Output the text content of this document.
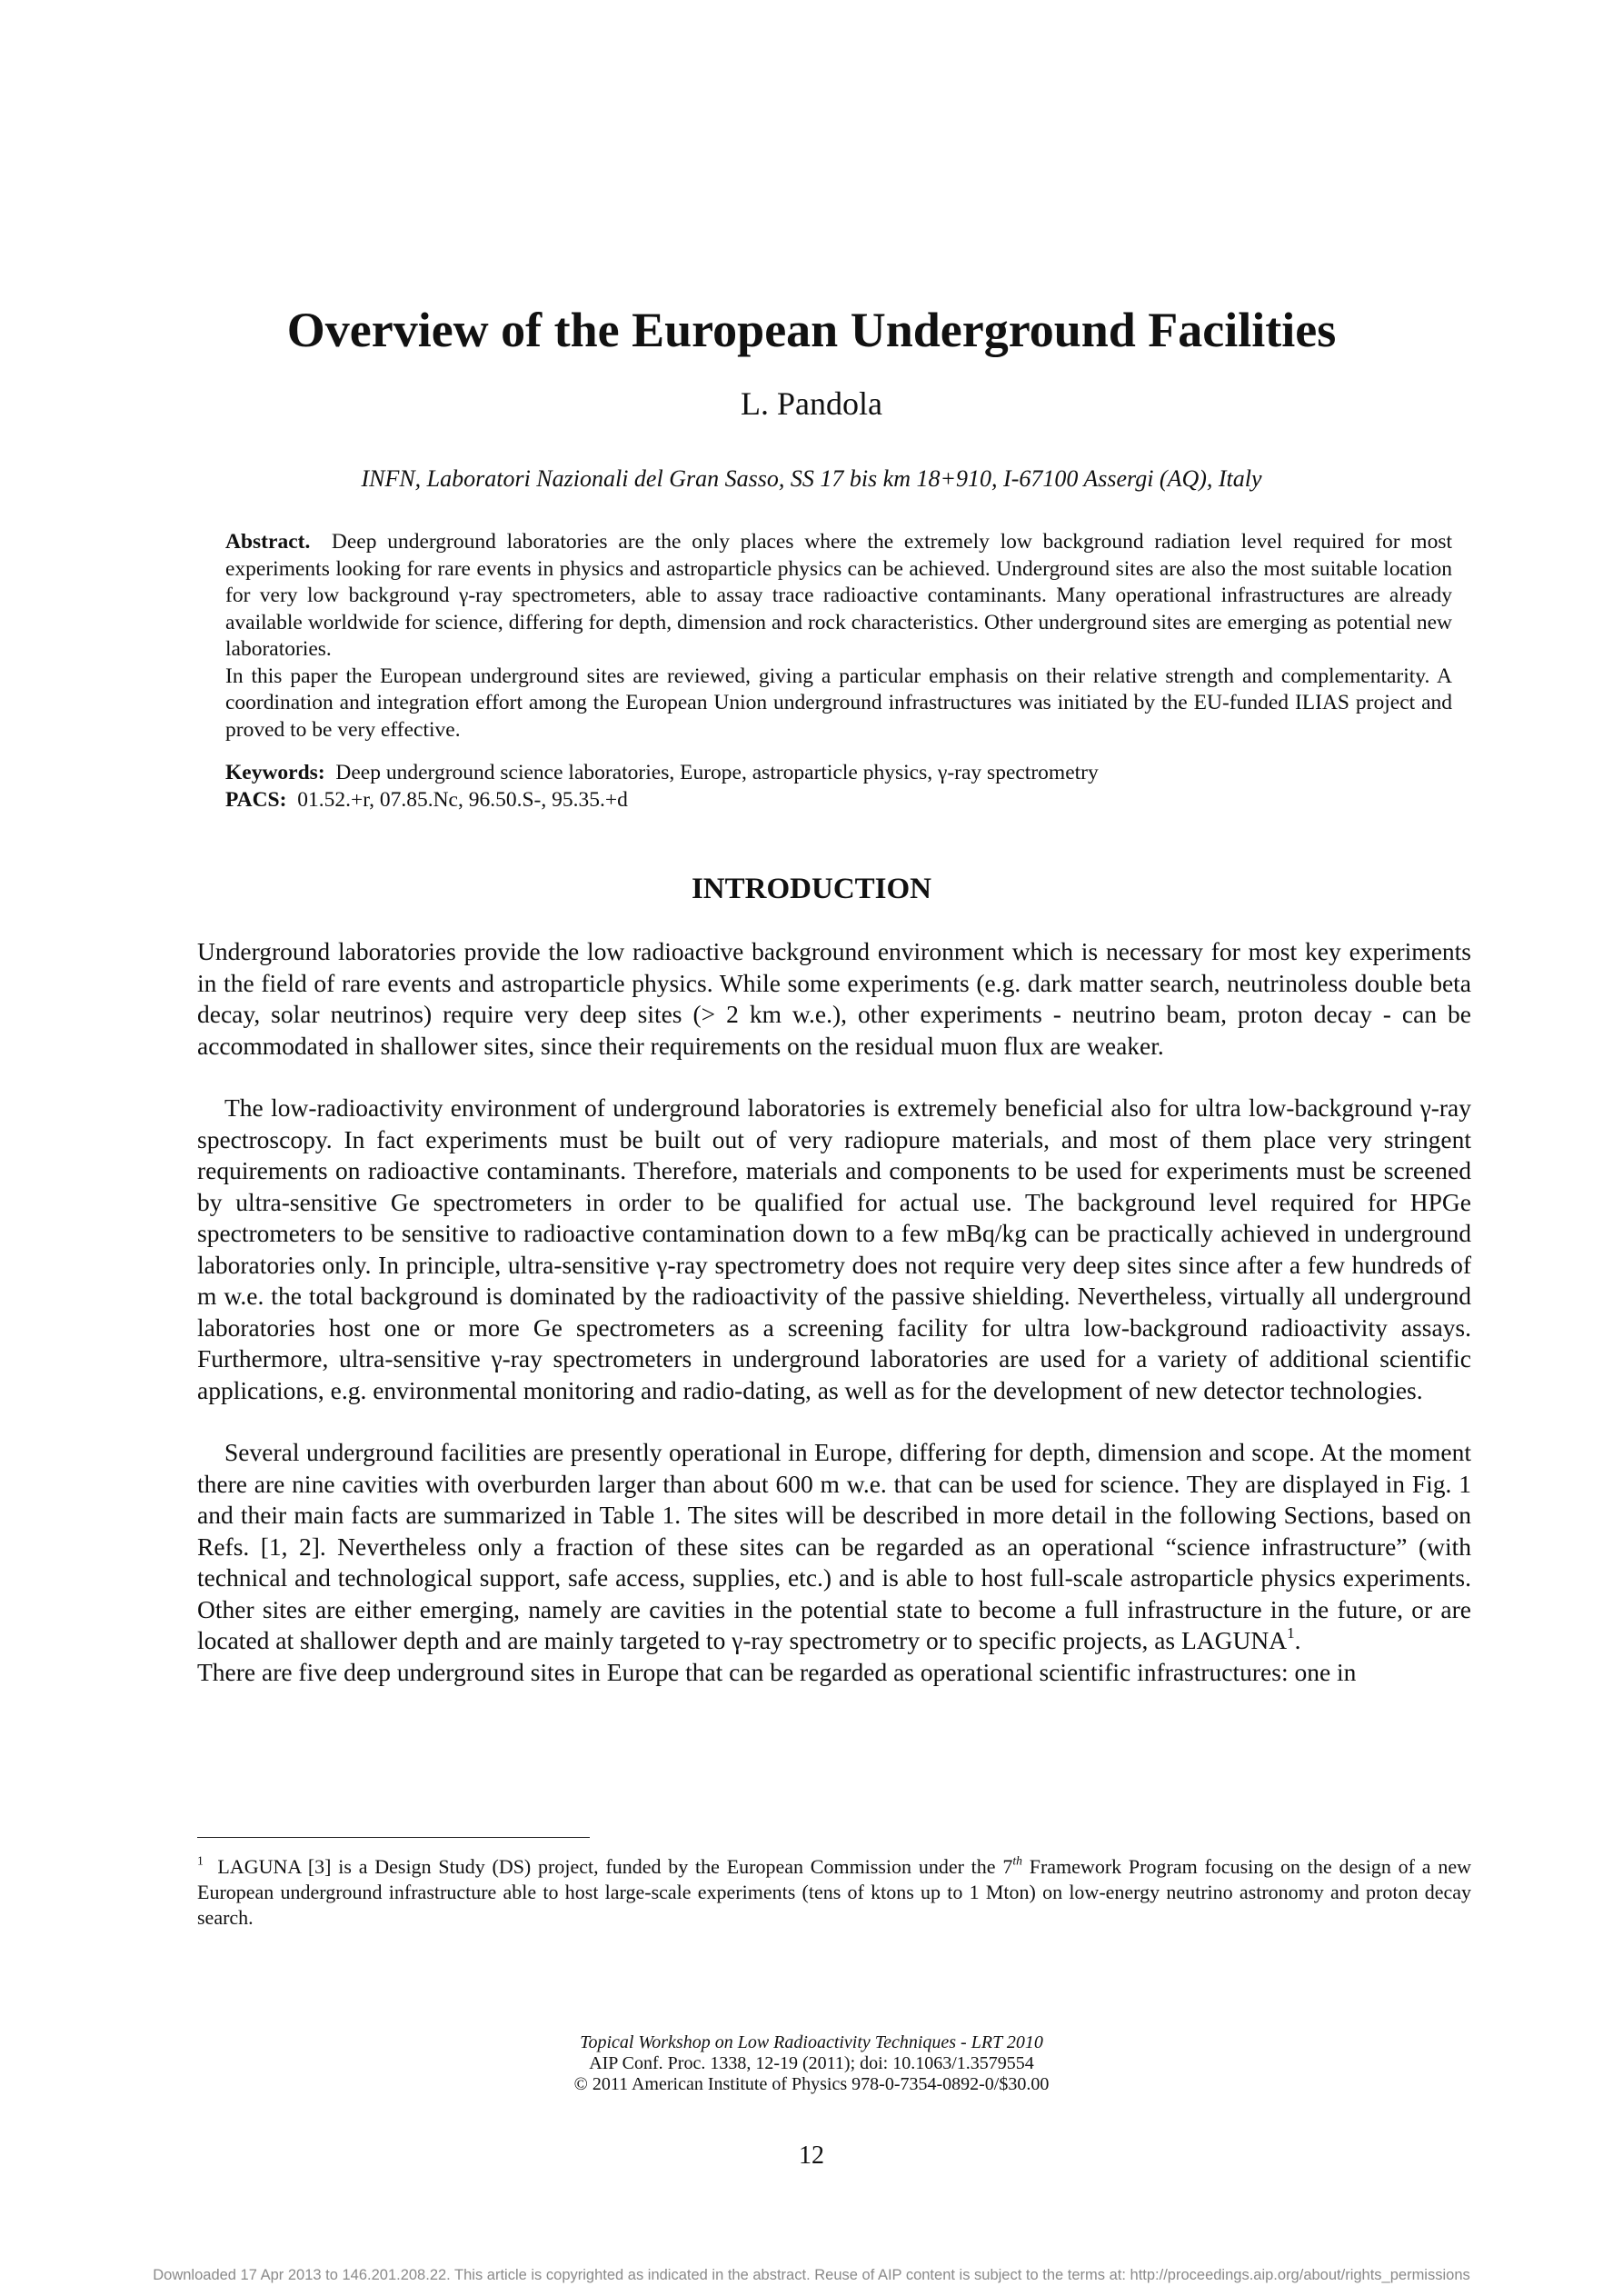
Overview of the European Underground Facilities
L. Pandola
INFN, Laboratori Nazionali del Gran Sasso, SS 17 bis km 18+910, I-67100 Assergi (AQ), Italy

Abstract. Deep underground laboratories are the only places where the extremely low background radiation level required for most experiments looking for rare events in physics and astroparticle physics can be achieved. Underground sites are also the most suitable location for very low background γ-ray spectrometers, able to assay trace radioactive contaminants. Many operational infrastructures are already available worldwide for science, differing for depth, dimension and rock characteristics. Other underground sites are emerging as potential new laboratories.

In this paper the European underground sites are reviewed, giving a particular emphasis on their relative strength and complementarity. A coordination and integration effort among the European Union underground infrastructures was initiated by the EU-funded ILIAS project and proved to be very effective.

Keywords: Deep underground science laboratories, Europe, astroparticle physics, γ-ray spectrometry

PACS: 01.52.+r, 07.85.Nc, 96.50.S-, 95.35.+d

INTRODUCTION

Underground laboratories provide the low radioactive background environment which is necessary for most key experiments in the field of rare events and astroparticle physics. While some experiments (e.g. dark matter search, neutrinoless double beta decay, solar neutrinos) require very deep sites (> 2 km w.e.), other experiments - neutrino beam, proton decay - can be accommodated in shallower sites, since their requirements on the residual muon flux are weaker.

The low-radioactivity environment of underground laboratories is extremely beneficial also for ultra low-background γ-ray spectroscopy. In fact experiments must be built out of very radiopure materials, and most of them place very stringent requirements on radioactive contaminants. Therefore, materials and components to be used for experiments must be screened by ultra-sensitive Ge spectrometers in order to be qualified for actual use. The background level required for HPGe spectrometers to be sensitive to radioactive contamination down to a few mBq/kg can be practically achieved in underground laboratories only. In principle, ultra-sensitive γ-ray spectrometry does not require very deep sites since after a few hundreds of m w.e. the total background is dominated by the radioactivity of the passive shielding. Nevertheless, virtually all underground laboratories host one or more Ge spectrometers as a screening facility for ultra low-background radioactivity assays. Furthermore, ultra-sensitive γ-ray spectrometers in underground laboratories are used for a variety of additional scientific applications, e.g. environmental monitoring and radio-dating, as well as for the development of new detector technologies.

Several underground facilities are presently operational in Europe, differing for depth, dimension and scope. At the moment there are nine cavities with overburden larger than about 600 m w.e. that can be used for science. They are displayed in Fig. 1 and their main facts are summarized in Table 1. The sites will be described in more detail in the following Sections, based on Refs. [1, 2]. Nevertheless only a fraction of these sites can be regarded as an operational “science infrastructure” (with technical and technological support, safe access, supplies, etc.) and is able to host full-scale astroparticle physics experiments. Other sites are either emerging, namely are cavities in the potential state to become a full infrastructure in the future, or are located at shallower depth and are mainly targeted to γ-ray spectrometry or to specific projects, as LAGUNA$^1$.

There are five deep underground sites in Europe that can be regarded as operational scientific infrastructures: one in

$^1$ LAGUNA [3] is a Design Study (DS) project, funded by the European Commission under the 7th Framework Program focusing on the design of a new European underground infrastructure able to host large-scale experiments (tens of ktons up to 1 Mton) on low-energy neutrino astronomy and proton decay search.

Topical Workshop on Low Radioactivity Techniques - LRT 2010
AIP Conf. Proc. 1338, 12-19 (2011); doi: 10.1063/1.3579554
© 2011 American Institute of Physics 978-0-7354-0892-0/$30.00
12
Downloaded 17 Apr 2013 to 146.201.208.22. This article is copyrighted as indicated in the abstract. Reuse of AIP content is subject to the terms at: http://proceedings.aip.org/about/rights_permissions
